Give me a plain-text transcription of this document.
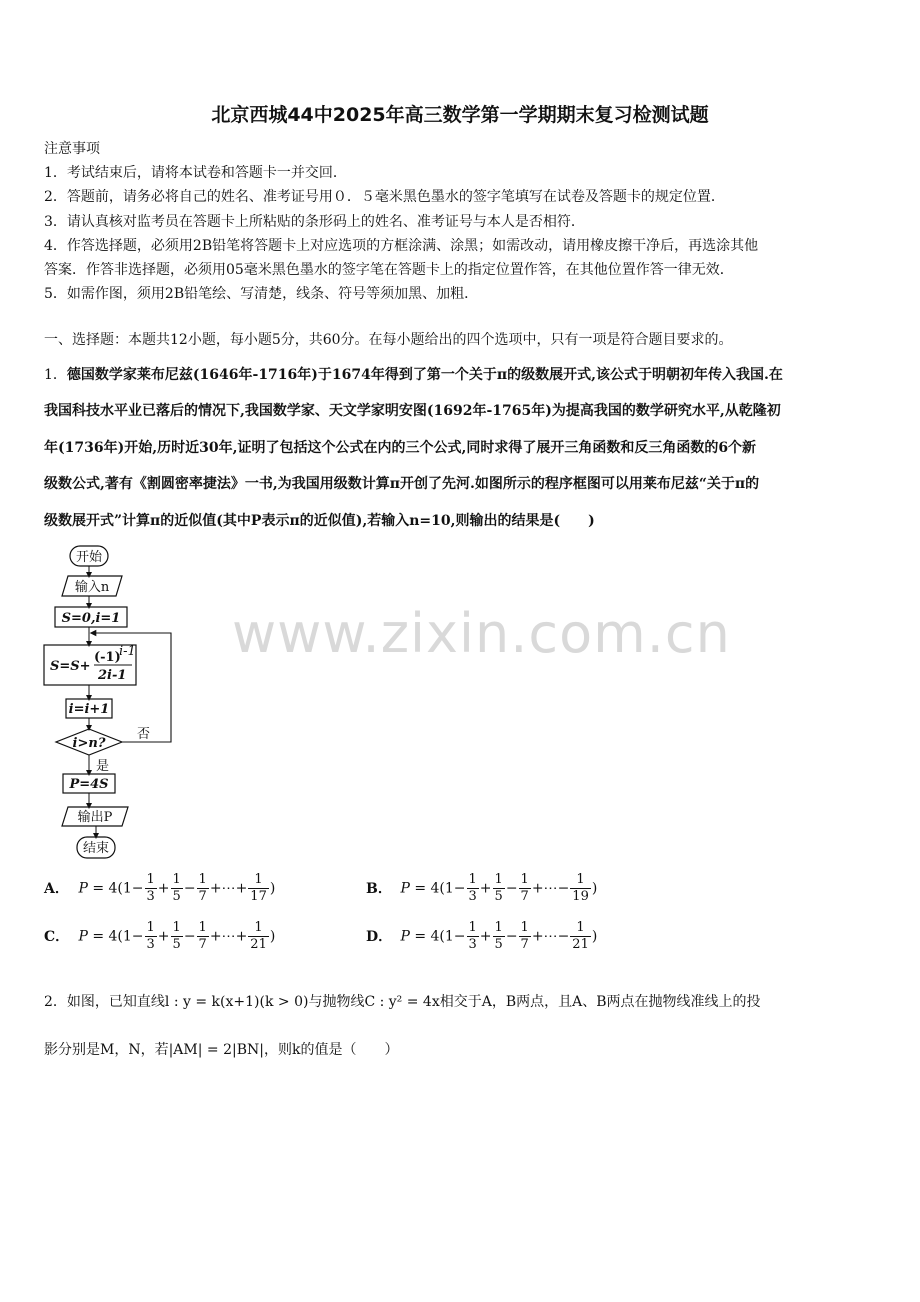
北京西城44中2025年高三数学第一学期期末复习检测试题
注意事项
1．考试结束后，请将本试卷和答题卡一并交回．
2．答题前，请务必将自己的姓名、准考证号用０．５毫米黑色墨水的签字笔填写在试卷及答题卡的规定位置．
3．请认真核对监考员在答题卡上所粘贴的条形码上的姓名、准考证号与本人是否相符．
4．作答选择题，必须用2B铅笔将答题卡上对应选项的方框涂满、涂黑；如需改动，请用橡皮擦干净后，再选涂其他
答案．作答非选择题，必须用05毫米黑色墨水的签字笔在答题卡上的指定位置作答，在其他位置作答一律无效．
5．如需作图，须用2B铅笔绘、写清楚，线条、符号等须加黑、加粗．
一、选择题：本题共12小题，每小题5分，共60分。在每小题给出的四个选项中，只有一项是符合题目要求的。
1．德国数学家莱布尼兹(1646年-1716年)于1674年得到了第一个关于π的级数展开式,该公式于明朝初年传入我国.在
我国科技水平业已落后的情况下,我国数学家、天文学家明安图(1692年-1765年)为提高我国的数学研究水平,从乾隆初
年(1736年)开始,历时近30年,证明了包括这个公式在内的三个公式,同时求得了展开三角函数和反三角函数的6个新
级数公式,著有《割圆密率捷法》一书,为我国用级数计算π开创了先河.如图所示的程序框图可以用莱布尼兹“关于π的
级数展开式”计算π的近似值(其中P表示π的近似值),若输入n=10,则输出的结果是(　　)
www.zixin.com.cn
开始
输入n
S=0,i=1
S=S+
(-1)
i-1
2i-1
i=i+1
i>n?
否
是
P=4S
输出P
结束
A． $P = 4(1- \frac{1}{3} + \frac{1}{5} - \frac{1}{7}$ +⋯+ $\frac{1}{17}$ )	B． $P = 4(1- \frac{1}{3} + \frac{1}{5} - \frac{1}{7}$ +⋯− $\frac{1}{19}$ )
C． $P = 4(1- \frac{1}{3} + \frac{1}{5} - \frac{1}{7}$ +⋯+ $\frac{1}{21}$ )	D． $P = 4(1- \frac{1}{3} + \frac{1}{5} - \frac{1}{7}$ +⋯− $\frac{1}{21}$ )
2．如图，已知直线l : y = k(x+1)(k > 0)与抛物线C : y² = 4x相交于A，B两点，且A、B两点在抛物线准线上的投
影分别是M，N，若|AM| = 2|BN|，则k的值是（　　）
